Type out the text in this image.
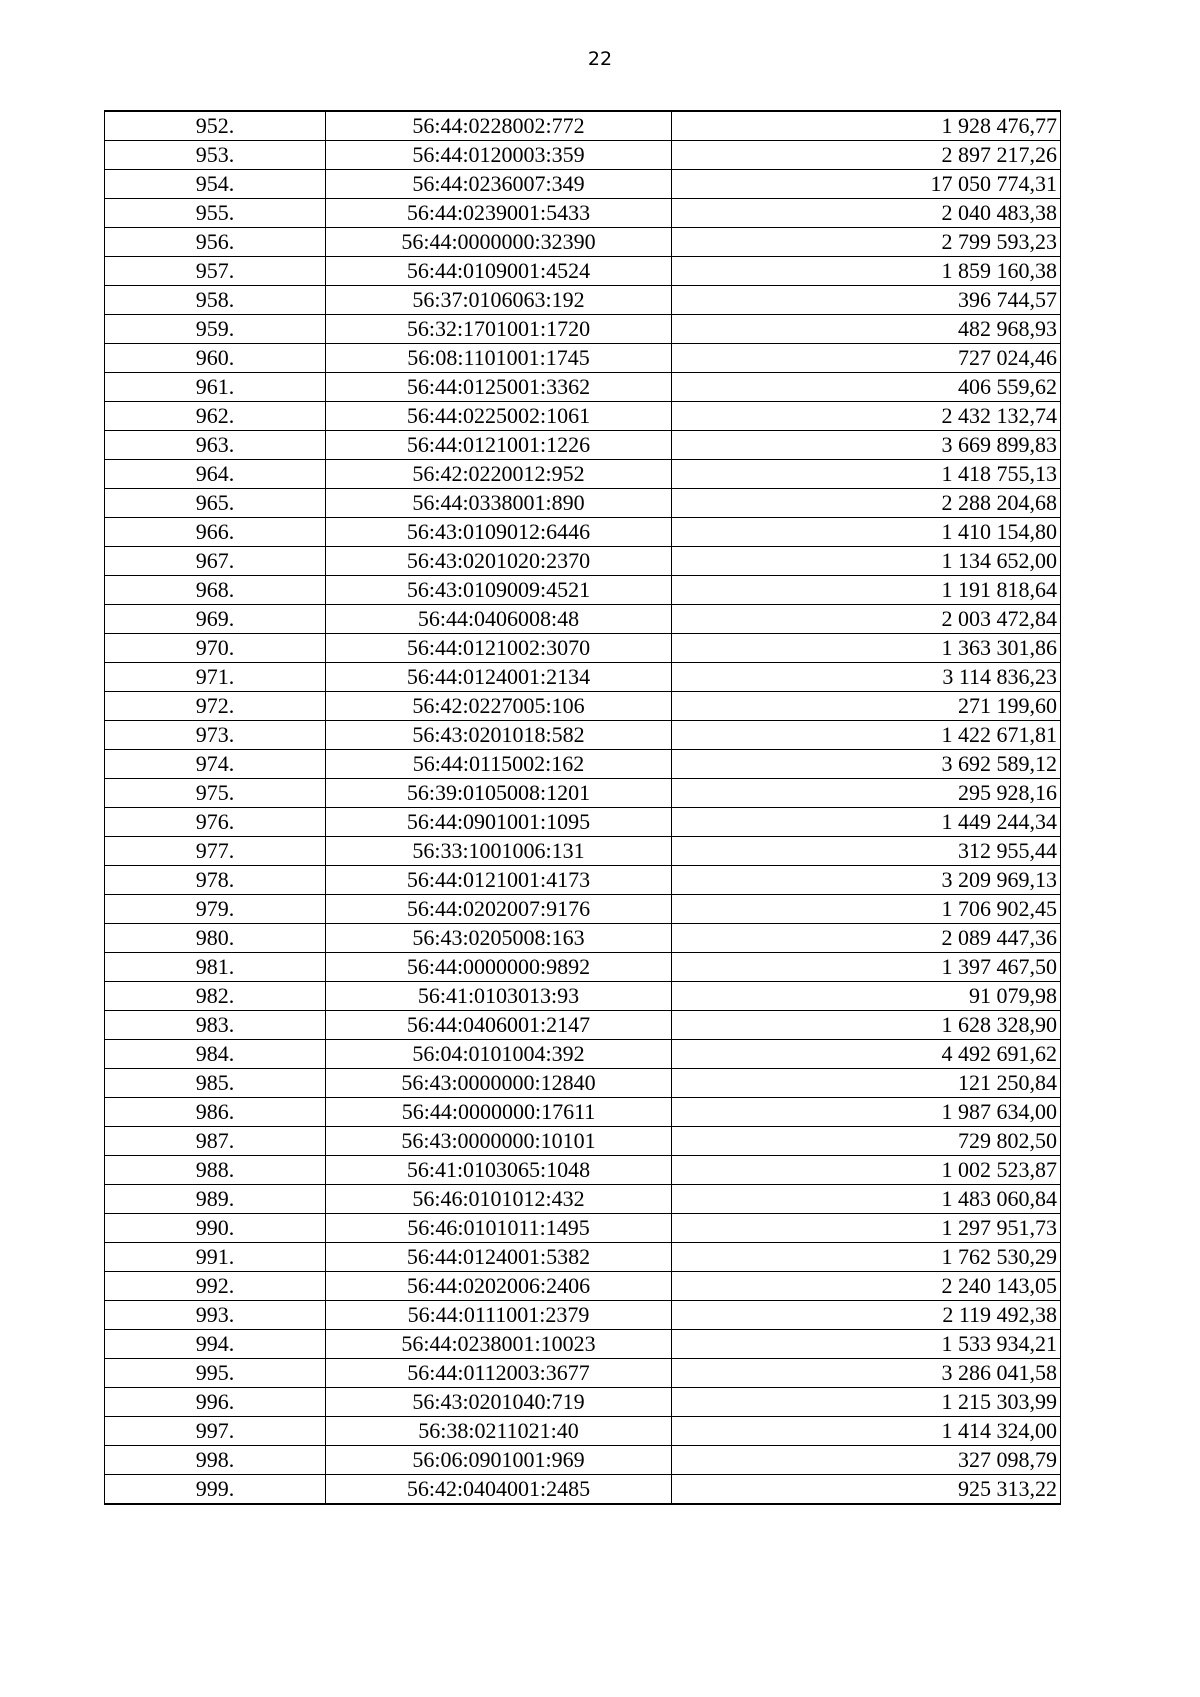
22
952.	56:44:0228002:772	1 928 476,77
953.	56:44:0120003:359	2 897 217,26
954.	56:44:0236007:349	17 050 774,31
955.	56:44:0239001:5433	2 040 483,38
956.	56:44:0000000:32390	2 799 593,23
957.	56:44:0109001:4524	1 859 160,38
958.	56:37:0106063:192	396 744,57
959.	56:32:1701001:1720	482 968,93
960.	56:08:1101001:1745	727 024,46
961.	56:44:0125001:3362	406 559,62
962.	56:44:0225002:1061	2 432 132,74
963.	56:44:0121001:1226	3 669 899,83
964.	56:42:0220012:952	1 418 755,13
965.	56:44:0338001:890	2 288 204,68
966.	56:43:0109012:6446	1 410 154,80
967.	56:43:0201020:2370	1 134 652,00
968.	56:43:0109009:4521	1 191 818,64
969.	56:44:0406008:48	2 003 472,84
970.	56:44:0121002:3070	1 363 301,86
971.	56:44:0124001:2134	3 114 836,23
972.	56:42:0227005:106	271 199,60
973.	56:43:0201018:582	1 422 671,81
974.	56:44:0115002:162	3 692 589,12
975.	56:39:0105008:1201	295 928,16
976.	56:44:0901001:1095	1 449 244,34
977.	56:33:1001006:131	312 955,44
978.	56:44:0121001:4173	3 209 969,13
979.	56:44:0202007:9176	1 706 902,45
980.	56:43:0205008:163	2 089 447,36
981.	56:44:0000000:9892	1 397 467,50
982.	56:41:0103013:93	91 079,98
983.	56:44:0406001:2147	1 628 328,90
984.	56:04:0101004:392	4 492 691,62
985.	56:43:0000000:12840	121 250,84
986.	56:44:0000000:17611	1 987 634,00
987.	56:43:0000000:10101	729 802,50
988.	56:41:0103065:1048	1 002 523,87
989.	56:46:0101012:432	1 483 060,84
990.	56:46:0101011:1495	1 297 951,73
991.	56:44:0124001:5382	1 762 530,29
992.	56:44:0202006:2406	2 240 143,05
993.	56:44:0111001:2379	2 119 492,38
994.	56:44:0238001:10023	1 533 934,21
995.	56:44:0112003:3677	3 286 041,58
996.	56:43:0201040:719	1 215 303,99
997.	56:38:0211021:40	1 414 324,00
998.	56:06:0901001:969	327 098,79
999.	56:42:0404001:2485	925 313,22
